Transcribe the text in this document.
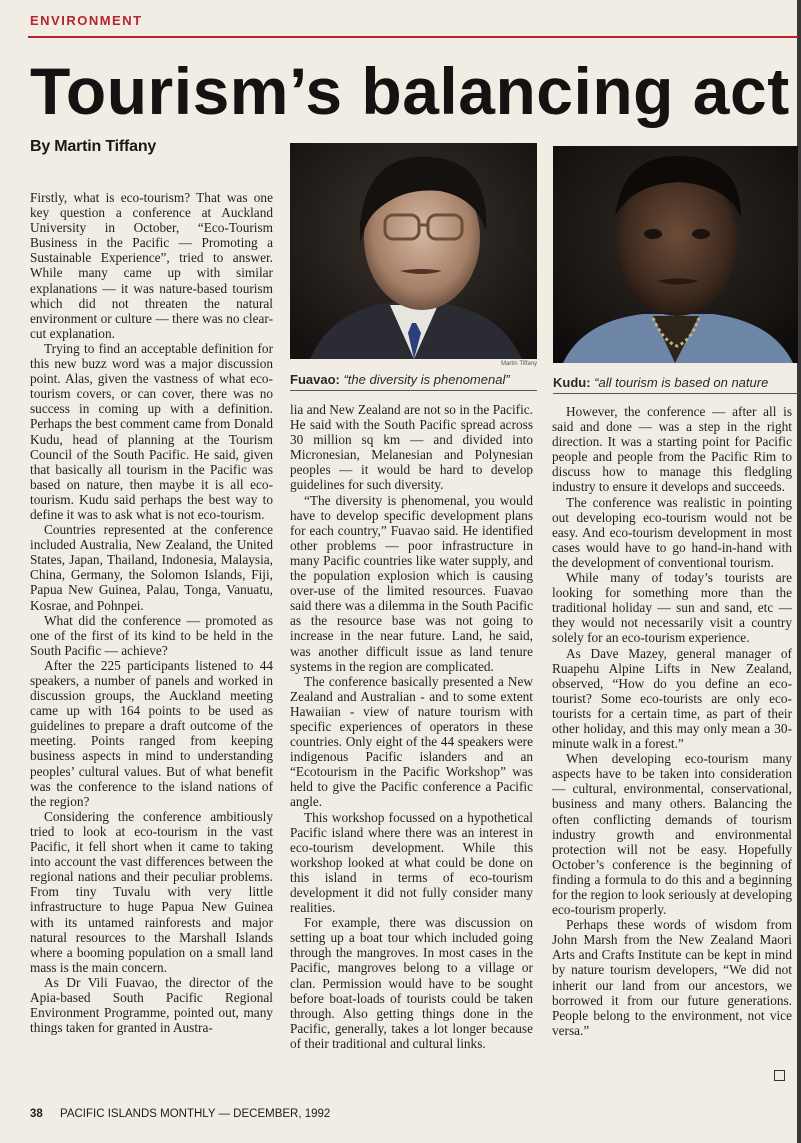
ENVIRONMENT
Tourism’s balancing act
By Martin Tiffany
Martin Tiffany
Fuavao: “the diversity is phenomenal”	Kudu: “all tourism is based on nature

Firstly, what is eco-tourism? That was one key question a conference at Auckland University in October, “Eco-Tourism Business in the Pacific — Promoting a Sustainable Experience”, tried to answer. While many came up with similar explanations — it was nature-based tourism which did not threaten the natural environment or culture — there was no clear-cut explanation.

Trying to find an acceptable definition for this new buzz word was a major discussion point. Alas, given the vastness of what eco-tourism covers, or can cover, there was no success in coming up with a definition. Perhaps the best comment came from Donald Kudu, head of planning at the Tourism Council of the South Pacific. He said, given that basically all tourism in the Pacific was based on nature, then maybe it is all eco-tourism. Kudu said perhaps the best way to define it was to ask what is not eco-tourism.

Countries represented at the conference included Australia, New Zealand, the United States, Japan, Thailand, Indonesia, Malaysia, China, Germany, the Solomon Islands, Fiji, Papua New Guinea, Palau, Tonga, Vanuatu, Kosrae, and Pohnpei.

What did the conference — promoted as one of the first of its kind to be held in the South Pacific — achieve?

After the 225 participants listened to 44 speakers, a number of panels and worked in discussion groups, the Auckland meeting came up with 164 points to be used as guidelines to prepare a draft outcome of the meeting. Points ranged from keeping business aspects in mind to understanding peoples’ cultural values. But of what benefit was the conference to the island nations of the region?

Considering the conference ambitiously tried to look at eco-tourism in the vast Pacific, it fell short when it came to taking into account the vast differences between the regional nations and their peculiar problems. From tiny Tuvalu with very little infrastructure to huge Papua New Guinea with its untamed rainforests and major natural resources to the Marshall Islands where a booming population on a small land mass is the main concern.

As Dr Vili Fuavao, the director of the Apia-based South Pacific Regional Environment Programme, pointed out, many things taken for granted in Austra-

lia and New Zealand are not so in the Pacific. He said with the South Pacific spread across 30 million sq km — and divided into Micronesian, Melanesian and Polynesian peoples — it would be hard to develop guidelines for such diversity.

“The diversity is phenomenal, you would have to develop specific development plans for each country,” Fuavao said. He identified other problems — poor infrastructure in many Pacific countries like water supply, and the population explosion which is causing over-use of the limited resources. Fuavao said there was a dilemma in the South Pacific as the resource base was not going to increase in the near future. Land, he said, was another difficult issue as land tenure systems in the region are complicated.

The conference basically presented a New Zealand and Australian - and to some extent Hawaiian - view of nature tourism with specific experiences of operators in these countries. Only eight of the 44 speakers were indigenous Pacific islanders and an “Ecotourism in the Pacific Workshop” was held to give the Pacific conference a Pacific angle.

This workshop focussed on a hypothetical Pacific island where there was an interest in eco-tourism development. While this workshop looked at what could be done on this island in terms of eco-tourism development it did not fully consider many realities.

For example, there was discussion on setting up a boat tour which included going through the mangroves. In most cases in the Pacific, mangroves belong to a village or clan. Permission would have to be sought before boat-loads of tourists could be taken through. Also getting things done in the Pacific, generally, takes a lot longer because of their traditional and cultural links.

However, the conference — after all is said and done — was a step in the right direction. It was a starting point for Pacific people and people from the Pacific Rim to discuss how to manage this fledgling industry to ensure it develops and succeeds.

The conference was realistic in pointing out developing eco-tourism would not be easy. And eco-tourism development in most cases would have to go hand-in-hand with the development of conventional tourism.

While many of today’s tourists are looking for something more than the traditional holiday — sun and sand, etc — they would not necessarily visit a country solely for an eco-tourism experience.

As Dave Mazey, general manager of Ruapehu Alpine Lifts in New Zealand, observed, “How do you define an eco-tourist? Some eco-tourists are only eco-tourists for a certain time, as part of their other holiday, and this may only mean a 30-minute walk in a forest.”

When developing eco-tourism many aspects have to be taken into consideration — cultural, environmental, conservational, business and many others. Balancing the often conflicting demands of tourism industry growth and environmental protection will not be easy. Hopefully October’s conference is the beginning of finding a formula to do this and a beginning for the region to look seriously at developing eco-tourism properly.

Perhaps these words of wisdom from John Marsh from the New Zealand Maori Arts and Crafts Institute can be kept in mind by nature tourism developers, “We did not inherit our land from our ancestors, we borrowed it from our future generations. People belong to the environment, not vice versa.”

38 PACIFIC ISLANDS MONTHLY — DECEMBER, 1992
